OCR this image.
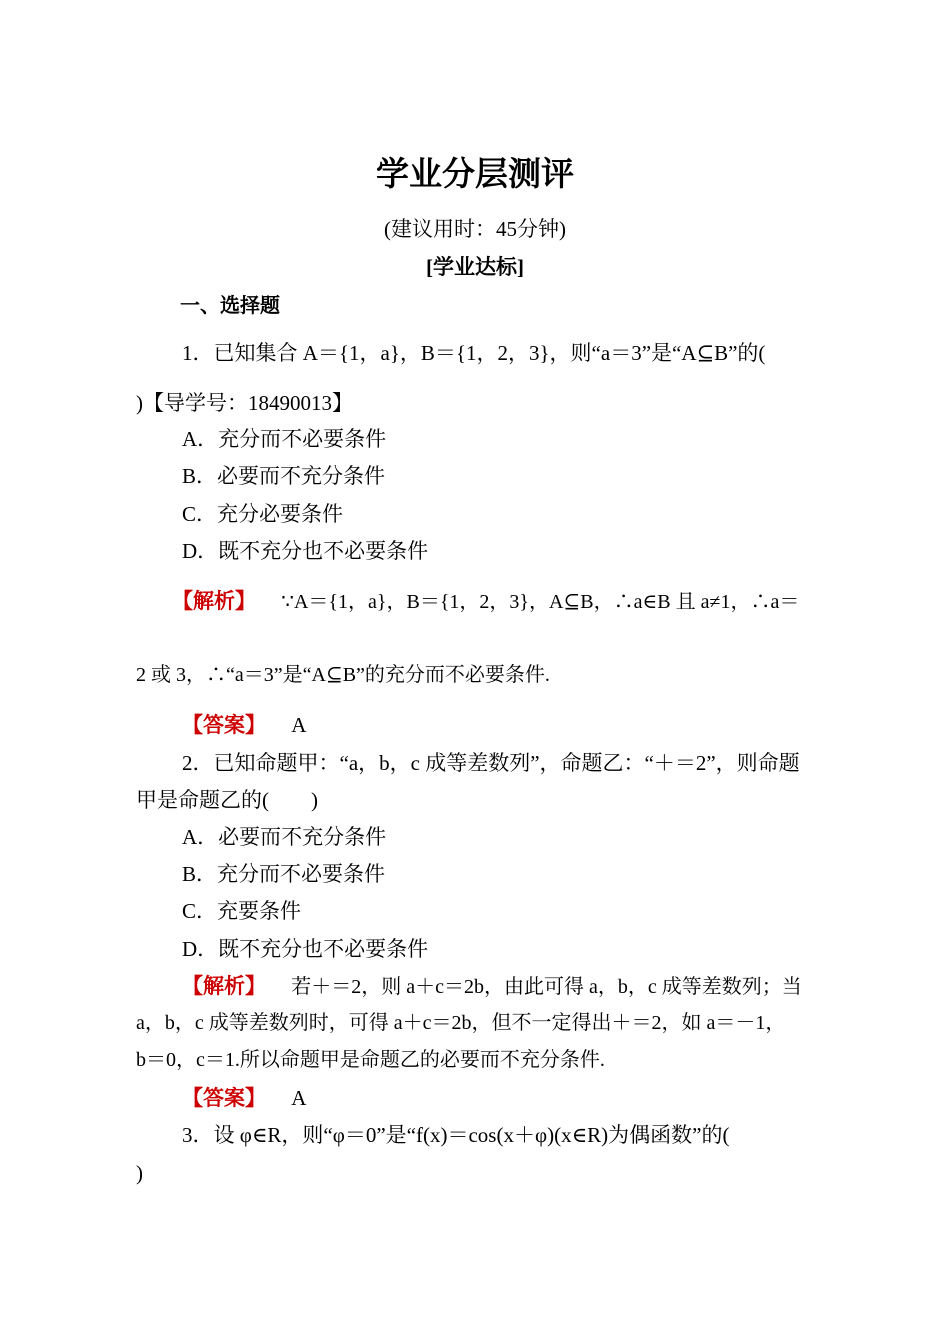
学业分层测评
(建议用时：45分钟)
[学业达标]
一、选择题
1．已知集合 A＝{1，a}，B＝{1，2，3}，则“a＝3”是“A⊆B”的(
)【导学号：18490013】
A．充分而不必要条件
B．必要而不充分条件
C．充分必要条件
D．既不充分也不必要条件
【解析】 ∵A＝{1，a}，B＝{1，2，3}，A⊆B，∴a∈B 且 a≠1，∴a＝
2 或 3，∴“a＝3”是“A⊆B”的充分而不必要条件.
【答案】 A
2．已知命题甲：“a，b，c 成等差数列”，命题乙：“＋＝2”，则命题
甲是命题乙的(　　)
A．必要而不充分条件
B．充分而不必要条件
C．充要条件
D．既不充分也不必要条件
【解析】 若＋＝2，则 a＋c＝2b，由此可得 a，b，c 成等差数列；当
a，b，c 成等差数列时，可得 a＋c＝2b，但不一定得出＋＝2，如 a＝－1，
b＝0，c＝1.所以命题甲是命题乙的必要而不充分条件.
【答案】 A
3．设 φ∈R，则“φ＝0”是“f(x)＝cos(x＋φ)(x∈R)为偶函数”的(
)
